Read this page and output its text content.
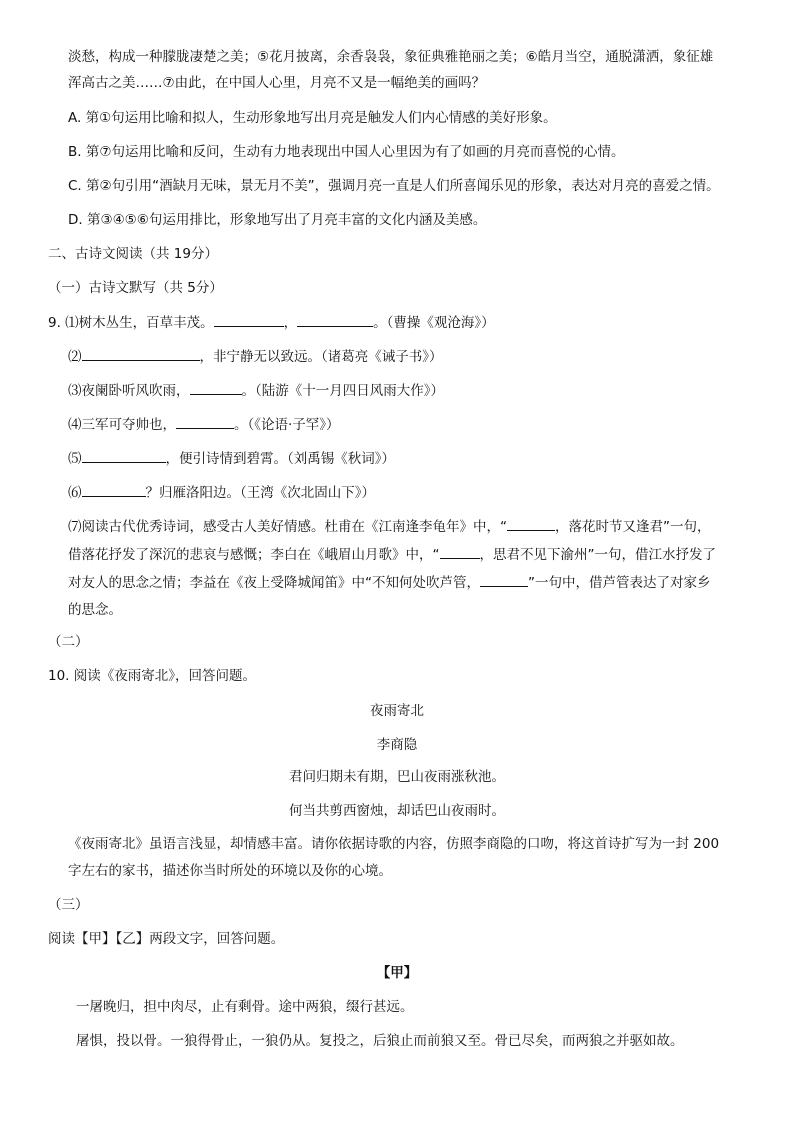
淡愁，构成一种朦胧凄楚之美；⑤花月披离，余香袅袅，象征典雅艳丽之美；⑥皓月当空，通脱潇洒，象征雄
浑高古之美……⑦由此，在中国人心里，月亮不又是一幅绝美的画吗？
A. 第①句运用比喻和拟人，生动形象地写出月亮是触发人们内心情感的美好形象。
B. 第⑦句运用比喻和反问，生动有力地表现出中国人心里因为有了如画的月亮而喜悦的心情。
C. 第②句引用“酒缺月无味，景无月不美”，强调月亮一直是人们所喜闻乐见的形象，表达对月亮的喜爱之情。
D. 第③④⑤⑥句运用排比，形象地写出了月亮丰富的文化内涵及美感。
二、古诗文阅读（共 19分）
（一）古诗文默写（共 5分）
9. ⑴树木丛生，百草丰茂。	，	。（曹操《观沧海》）
⑵	，非宁静无以致远。（诸葛亮《诫子书》）
⑶夜阑卧听风吹雨，	。（陆游《十一月四日风雨大作》）
⑷三军可夺帅也，	。（《论语·子罕》）
⑸	，便引诗情到碧霄。（刘禹锡《秋词》）
⑹	？归雁洛阳边。（王湾《次北固山下》）
⑺阅读古代优秀诗词，感受古人美好情感。杜甫在《江南逢李龟年》中，“	，落花时节又逢君”一句，
借落花抒发了深沉的悲哀与感慨；李白在《峨眉山月歌》中，“	，思君不见下渝州”一句，借江水抒发了
对友人的思念之情；李益在《夜上受降城闻笛》中“不知何处吹芦管，	”一句中，借芦管表达了对家乡
的思念。
（二）
10. 阅读《夜雨寄北》，回答问题。
夜雨寄北
李商隐
君问归期未有期，巴山夜雨涨秋池。
何当共剪西窗烛，却话巴山夜雨时。
《夜雨寄北》虽语言浅显，却情感丰富。请你依据诗歌的内容，仿照李商隐的口吻，将这首诗扩写为一封 200
字左右的家书，描述你当时所处的环境以及你的心境。
（三）
阅读【甲】【乙】两段文字，回答问题。
【甲】
一屠晚归，担中肉尽，止有剩骨。途中两狼，缀行甚远。
屠惧，投以骨。一狼得骨止，一狼仍从。复投之，后狼止而前狼又至。骨已尽矣，而两狼之并驱如故。
